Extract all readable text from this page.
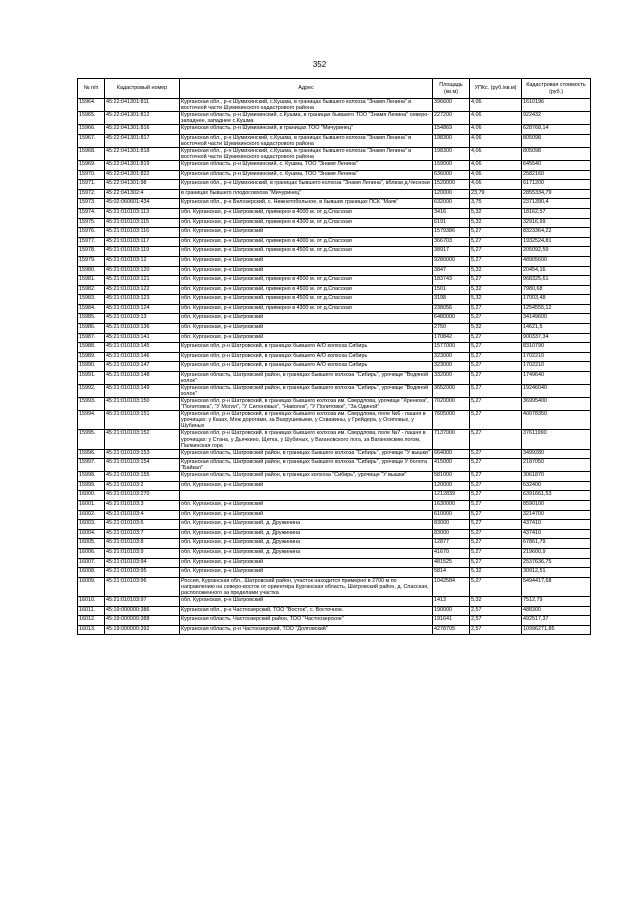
352
№ п/п	Кадастровый номер	Адрес	Площадь (кв.м)	УПКс. (руб./кв.м)	Кадастровая стоимость (руб.)
15964.	45:22:041301:811	Курганская обл., р-н Шумихинский, с.Кушма, в границах бывшего колхоза "Знамя Ленина" в восточной части Шумихинского кадастрового района	396600	4,06	1610196
15965.	45:22:041301:812	Курганская область, р-н Шумихинский, с.Кушма, в границах бывшего ТОО "Знамя Ленина" северо-западнее, западнее с.Кушма	227200	4,06	922432
15966.	45:22:041301:816	Курганская область, р-н Шумихинский, в границах ТОО "Мичуринец"	154869	4,06	628768,14
15967.	45:22:041301:817	Курганская обл., р-н Шумихинский, с.Кушма, в границах бывшего колхоза "Знамя Ленина" в восточной части Шумихинского кадастрового района	198300	4,06	805098
15968.	45:22:041301:818	Курганская обл., р-н Шумихинский, с.Кушма, в границах бывшего колхоза "Знамя Ленина" в восточной части Шумихинского кадастрового района	198300	4,06	805098
15969.	45:22:041301:819	Курганская область, р-н Шумихинский, с. Кушма, ТОО "Знамя Ленина"	159000	4,06	645540
15970.	45:22:041301:822	Курганская область, р-н Шумихинский, с. Кушма, ТОО "Знамя Ленина"	636000	4,06	2582160
15971.	45:22:041301:98	Курганская обл., р-н Шумихинский, в границах бывшего колхоза "Знамя Ленина", вблизи д.Чесноки	1520000	4,06	6171200
15972.	45:22:041302:4	в границах бывшего плодосовхоза "Мичуринец"	120000	23,79	2855334,79
15973.	45:02:060601:434	Курганская обл., р-н Белозерский, с. Нижнетобольное, в бывших границах ПСК "Маяк"	632000	3,75	2371390,4
15974.	45:21:010103:113	обл. Курганская, р-н Шатровский, примерно в 4000 м. от д.Спасская	3416	5,32	18162,57
15975.	45:21:010103:115	обл. Курганская, р-н Шатровский, примерно в 4300 м. от д.Спасская	6191	5,32	32916,99
15976.	45:21:010103:116	обл. Курганская, р-н Шатровский	1579386	5,27	8323364,22
15977.	45:21:010103:117	обл. Курганская, р-н Шатровский, примерно в 4000 м. от д.Спасская	366703	5,27	1932524,81
15978.	45:21:010103:119	обл. Курганская, р-н Шатровский, примерно в 4500 м. от д.Спасская	38917	5,27	205092,59
15979.	45:21:010103:12	обл. Курганская, р-н Шатровский	9280000	5,27	48905600
15980.	45:21:010103:120	обл. Курганская, р-н Шатровский	3847	5,32	20454,16
15981.	45:21:010103:121	обл. Курганская, р-н Шатровский, примерно в 4500 м. от д.Спасская	183743	5,27	968325,61
15982.	45:21:010103:122	обл. Курганская, р-н Шатровский, примерно в 4500 м. от д.Спасская	1501	5,32	7980,68
15983.	45:21:010103:123	обл. Курганская, р-н Шатровский, примерно в 4500 м. от д.Спасская	3198	5,32	17003,48
15984.	45:21:010103:124	обл. Курганская, р-н Шатровский, примерно в 4300 м. от д.Спасская	238056	5,27	1254555,12
15985.	45:21:010103:13	обл. Курганская, р-н Шатровский	6480000	5,27	34149600
15986.	45:21:010103:136	обл. Курганская, р-н Шатровский	2750	5,32	14621,5
15987.	45:21:010103:141	обл. Курганская, р-н Шатровский	170842	5,27	900337,34
15988.	45:21:010103:145	Курганская обл, р-н Шатровский, в границах бывшего А/О колхоза Сибирь	1577000	5,27	8310790
15989.	45:21:010103:146	Курганская обл, р-н Шатровский, в границах бывшего А/О колхоза Сибирь	323000	5,27	1702210
15990.	45:21:010103:147	Курганская обл, р-н Шатровский, в границах бывшего А/О колхоза Сибирь	323000	5,27	1702210
15991.	45:21:010103:148	Курганская область, Шатровский район, в границах бывшего колхоза "Сибирь", урочище "Водяной колок"	332000	5,27	1749640
15992.	45:21:010103:149	Курганская область, Шатровский район, в границах бывшего колхоза "Сибирь", урочище "Водяной колок"	3652000	5,27	19246040
15993.	45:21:010103:150	Курганская обл, р-н Шатровский, в границах бывшего колхоза им. Свердлова, урочище "Хренюха", "Политовка", "У Могил", "У Силоновых", "Наволок", "У Политовки", "За Одиной"	7020000	5,27	36995400
15994.	45:21:010103:151	Курганская обл, р-н Шатровский, в границах бывшего колхоза им. Свердлова, поле №6 - пашня в урочищах: у Казах, Меж дорогами, за Вахрушевыми, у Схважины, у Грейдера, у Осиповых, у Шубиных	7605000	5,27	40078350
15995.	45:21:010103:152	Курганская обл, р-н Шатровский, в границах бывшего колхоза им. Свердлова, поле №7 - пашня в урочищах: у Стана, у Дьячкино, Щетка, у Шубиных, у Вагановского лога, за Вагановским логом, Палкинская гора	7137000	5,27	37611990
15996.	45:21:010103:153	Курганская область, Шатровский район, в границах бывшего колхоза "Сибирь", урочище "У вышки"	664000	5,27	3499280
15997.	45:21:010103:154	Курганская область, Шатровский район, в границах бывшего колхоза "Сибирь", урочище У болота "Байкал"	415000	5,27	2187050
15998.	45:21:010103:155	Курганская область, Шатровский район, в границах колхоза "Сибирь", урочище "У вышки"	581000	5,27	3061870
15999.	45:21:010103:2	обл. Курганская, р-н Шатровский	120000	5,27	632400
16000.	45:21:010103:270		1212839	5,27	6391661,53
16001.	45:21:010103:3	обл. Курганская, р-н Шатровский	1630000	5,27	8590100
16002.	45:21:010103:4	обл. Курганская, р-н Шатровский	610000	5,27	3214700
16003.	45:21:010103:6	обл. Курганская, р-н Шатровский, д. Дружинина	83000	5,27	437410
16004.	45:21:010103:7	обл. Курганская, р-н Шатровский, д. Дружинина	83000	5,27	437410
16005.	45:21:010103:8	обл. Курганская, р-н Шатровский, д. Дружинина	12877	5,27	67861,79
16006.	45:21:010103:9	обл. Курганская, р-н Шатровский, д. Дружинина	41670	5,27	219600,9
16007.	45:21:010103:94	обл. Курганская, р-н Шатровский	481525	5,27	2537636,75
16008.	45:21:010103:95	обл. Курганская, р-н Шатровский	5814	5,32	30912,51
16009.	45:21:010103:96	Россия, Курганская обл., Шатровский район, участок находится примерно в 2700 м по направлению на северо-восток от ориентира Курганская область, Шатровский район, д. Спасская, расположенного за пределами участка	1042584	5,27	5494417,68
16010.	45:21:010103:97	обл. Курганская, р-н Шатровский	1413	5,32	7512,79
16011.	45:19:000000:386	Курганская обл., р-н Частоозерский, ТОО "Восток", с. Восточное.	190000	2,57	488300
16012.	45:19:000000:388	Курганская область, Частоозерский район, ТОО "Частоозерское"	191641	2,57	492517,37
16013.	45:19:000000:392	Курганская область, р-н Частоозерский, ТОО "Долговский"	4278705	2,57	10996271,85
